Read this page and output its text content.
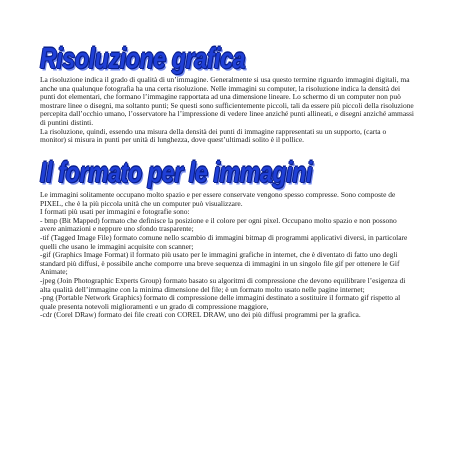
Risoluzione grafica

La risoluzione indica il grado di qualità di un’immagine. Generalmente si usa questo termine riguardo immagini digitali, ma anche una qualunque fotografia ha una certa risoluzione. Nelle immagini su computer, la risoluzione indica la densità dei punti dot elementari, che formano l’immagine rapportata ad una dimensione lineare. Lo schermo di un computer non può mostrare linee o disegni, ma soltanto punti; Se questi sono sufficientemente piccoli, tali da essere più piccoli della risoluzione percepita dall’occhio umano, l’osservatore ha l’impressione di vedere linee anziché punti allineati, e disegni anziché ammassi di puntini distinti.

La risoluzione, quindi, essendo una misura della densità dei punti di immagine rappresentati su un supporto, (carta o monitor) si misura in punti per unità di lunghezza, dove quest’ultimadi solito è il pollice.

Il formato per le immagini

Le immagini solitamente occupano molto spazio e per essere conservate vengono spesso compresse. Sono composte de PIXEL, che è la più piccola unità che un computer può visualizzare.

I formati più usati per immagini e fotografie sono:

- bmp (Bit Mapped) formato che definisce la posizione e il colore per ogni pixel. Occupano molto spazio e non possono avere animazioni e neppure uno sfondo trasparente;

-tif (Tagged Image File) formato comune nello scambio di immagini bitmap di programmi applicativi diversi, in particolare quelli che usano le immagini acquisite con scanner;

-gif (Graphics Image Format) il formato più usato per le immagini grafiche in internet, che è diventato di fatto uno degli standard più diffusi, è possibile anche comporre una breve sequenza di immagini in un singolo file gif per ottenere le Gif Animate;

-jpeg (Join Photographic Experts Group) formato basato su algoritmi di compressione che devono equilibrare l’esigenza di alta qualità dell’immagine con la minima dimensione del file; è un formato molto usato nelle pagine internet;

-png (Portable Network Graphics) formato di compressione delle immagini destinato a sostituire il formato gif rispetto al quale presenta notevoli miglioramenti e un grado di compressione maggiore,

-cdr (Corel DRaw) formato dei file creati con COREL DRAW, uno dei più diffusi programmi per la grafica.
